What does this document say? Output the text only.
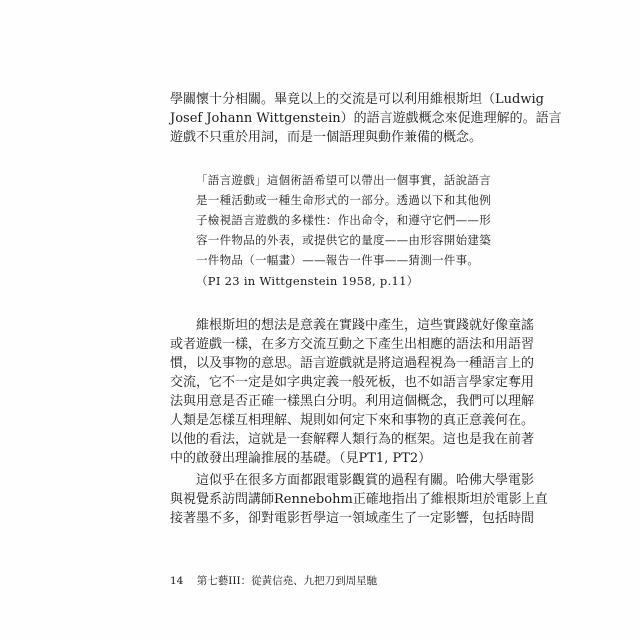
學關懷十分相關。畢竟以上的交流是可以利用維根斯坦（Ludwig
Josef Johann Wittgenstein）的語言遊戲概念來促進理解的。語言
遊戲不只重於用詞，而是一個語理與動作兼備的概念。
「語言遊戲」這個術語希望可以帶出一個事實，話說語言
是一種活動或一種生命形式的一部分。透過以下和其他例
子檢視語言遊戲的多樣性：作出命令，和遵守它們——形
容一件物品的外表，或提供它的量度——由形容開始建築
一件物品（一幅畫）——報告一件事——猜測一件事。
（PI 23 in Wittgenstein 1958, p.11）
維根斯坦的想法是意義在實踐中產生，這些實踐就好像童謠
或者遊戲一樣，在多方交流互動之下產生出相應的語法和用語習
慣，以及事物的意思。語言遊戲就是將這過程視為一種語言上的
交流，它不一定是如字典定義一般死板，也不如語言學家定奪用
法與用意是否正確一樣黑白分明。利用這個概念，我們可以理解
人類是怎樣互相理解、規則如何定下來和事物的真正意義何在。
以他的看法，這就是一套解釋人類行為的框架。這也是我在前著
中的啟發出理論推展的基礎。（見PT1, PT2）
這似乎在很多方面都跟電影觀賞的過程有關。哈佛大學電影
與視覺系訪問講師Rennebohm正確地指出了維根斯坦於電影上直
接著墨不多，卻對電影哲學這一領域產生了一定影響，包括時間
14 第七藝III：從黃信堯、九把刀到周星馳
